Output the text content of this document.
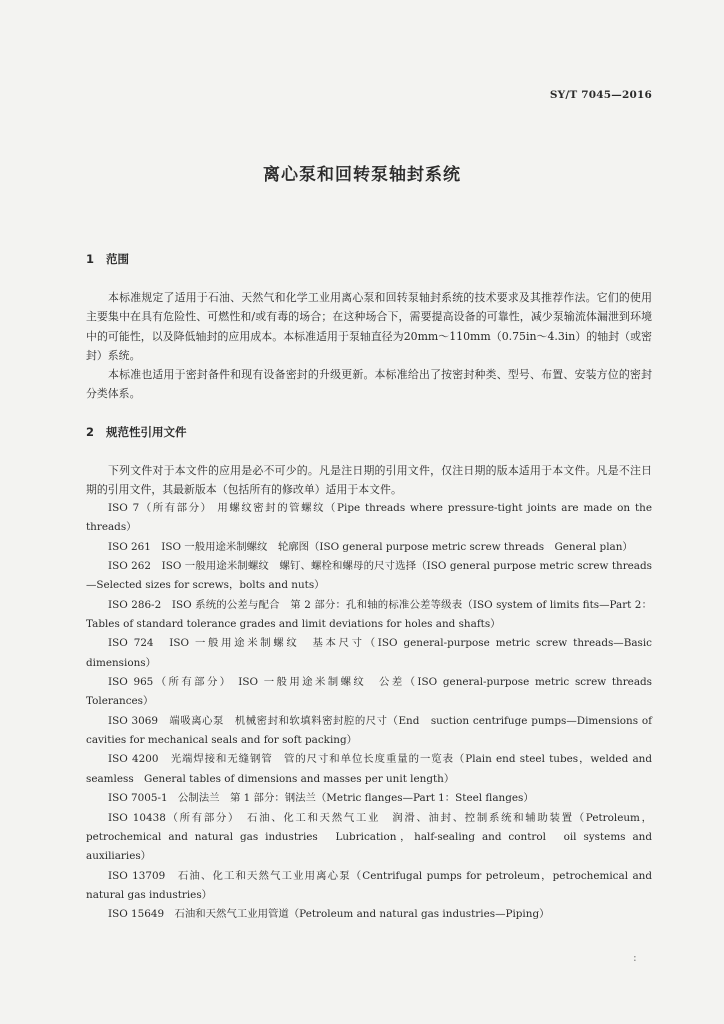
SY/T 7045—2016
离心泵和回转泵轴封系统
1 范围

本标准规定了适用于石油、天然气和化学工业用离心泵和回转泵轴封系统的技术要求及其推荐作法。它们的使用主要集中在具有危险性、可燃性和/或有毒的场合；在这种场合下，需要提高设备的可靠性，减少泵输流体漏泄到环境中的可能性，以及降低轴封的应用成本。本标准适用于泵轴直径为20mm～110mm（0.75in～4.3in）的轴封（或密封）系统。

本标准也适用于密封备件和现有设备密封的升级更新。本标准给出了按密封种类、型号、布置、安装方位的密封分类体系。

2 规范性引用文件

下列文件对于本文件的应用是必不可少的。凡是注日期的引用文件，仅注日期的版本适用于本文件。凡是不注日期的引用文件，其最新版本（包括所有的修改单）适用于本文件。

ISO 7（所有部分） 用螺纹密封的管螺纹（Pipe threads where pressure-tight joints are made on the threads）

ISO 261　ISO 一般用途米制螺纹　轮廓图（ISO general purpose metric screw threads　General plan）

ISO 262　ISO 一般用途米制螺纹　螺钉、螺栓和螺母的尺寸选择（ISO general purpose metric screw threads—Selected sizes for screws，bolts and nuts）

ISO 286-2　ISO 系统的公差与配合　第 2 部分：孔和轴的标准公差等级表（ISO system of limits fits—Part 2：Tables of standard tolerance grades and limit deviations for holes and shafts）

ISO 724　ISO 一般用途米制螺纹　基本尺寸（ISO general-purpose metric screw threads—Basic dimensions）

ISO 965（所有部分） ISO 一般用途米制螺纹　公差（ISO general-purpose metric screw threads　Tolerances）

ISO 3069　端吸离心泵　机械密封和软填料密封腔的尺寸（End　suction centrifuge pumps—Dimensions of cavities for mechanical seals and for soft packing）

ISO 4200　光端焊接和无缝钢管　管的尺寸和单位长度重量的一览表（Plain end steel tubes，welded and seamless　General tables of dimensions and masses per unit length）

ISO 7005-1　公制法兰　第 1 部分：钢法兰（Metric flanges—Part 1：Steel flanges）

ISO 10438（所有部分）　石油、化工和天然气工业　润滑、油封、控制系统和辅助装置（Petroleum，petrochemical and natural gas industries　Lubrication，half-sealing and control　oil systems and auxiliaries）

ISO 13709　石油、化工和天然气工业用离心泵（Centrifugal pumps for petroleum，petrochemical and natural gas industries）

ISO 15649　石油和天然气工业用管道（Petroleum and natural gas industries—Piping）

:
